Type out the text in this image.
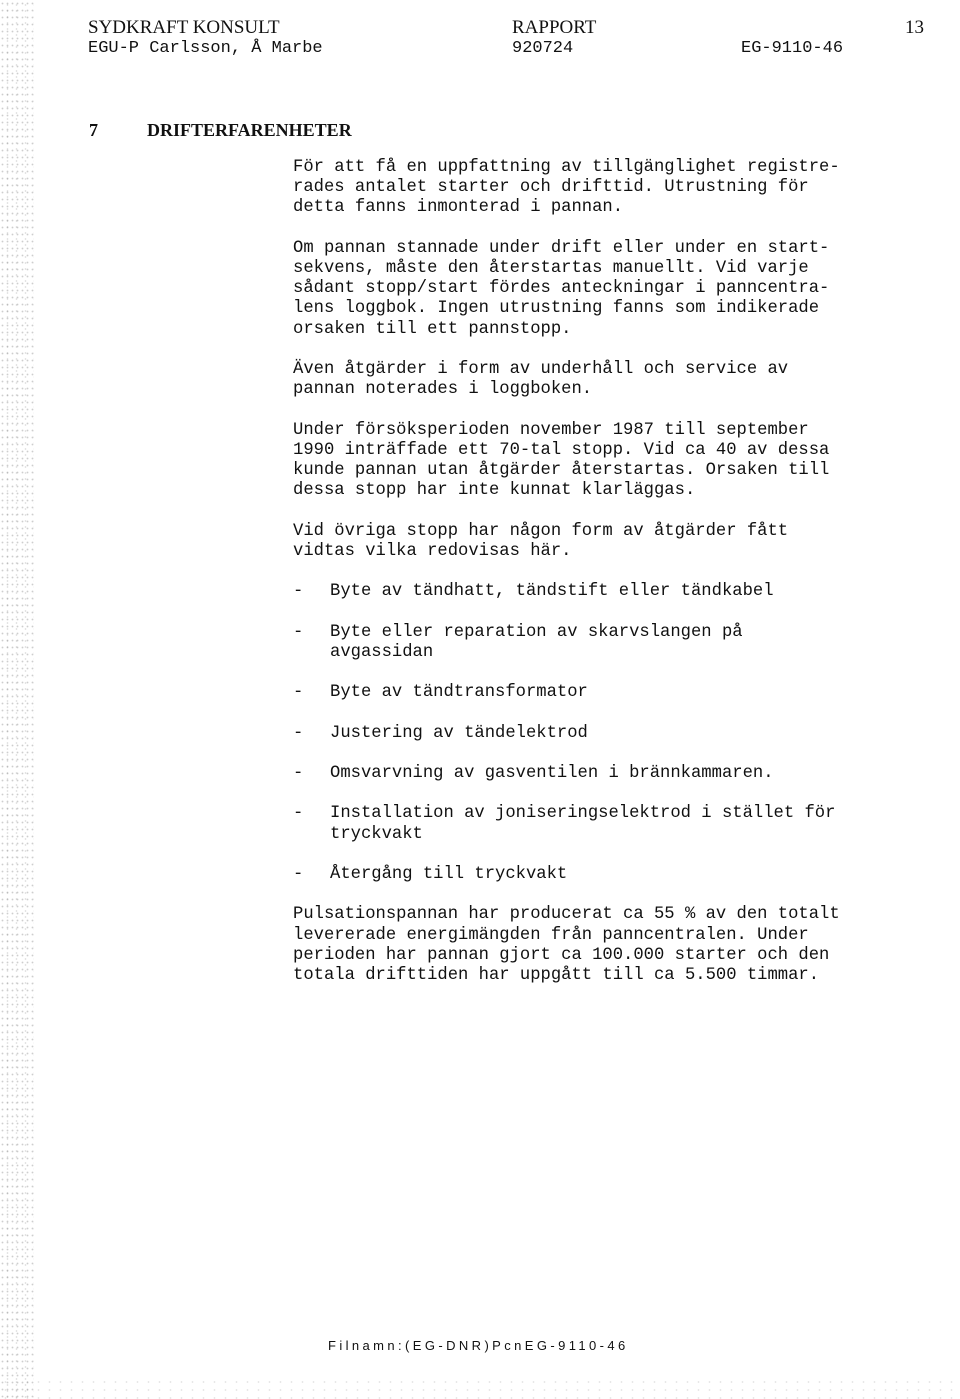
SYDKRAFT KONSULT
EGU-P Carlsson, Å Marbe
RAPPORT
920724
13
EG-9110-46
7	DRIFTERFARENHETER

För att få en uppfattning av tillgänglighet registre-
rades antalet starter och drifttid. Utrustning för
detta fanns inmonterad i pannan.

Om pannan stannade under drift eller under en start-
sekvens, måste den återstartas manuellt. Vid varje
sådant stopp/start fördes anteckningar i panncentra-
lens loggbok. Ingen utrustning fanns som indikerade
orsaken till ett pannstopp.

Även åtgärder i form av underhåll och service av
pannan noterades i loggboken.

Under försöksperioden november 1987 till september
1990 inträffade ett 70-tal stopp. Vid ca 40 av dessa
kunde pannan utan åtgärder återstartas. Orsaken till
dessa stopp har inte kunnat klarläggas.

Vid övriga stopp har någon form av åtgärder fått
vidtas vilka redovisas här.

-	Byte av tändhatt, tändstift eller tändkabel
-	Byte eller reparation av skarvslangen på
avgassidan
-	Byte av tändtransformator
-	Justering av tändelektrod
-	Omsvarvning av gasventilen i brännkammaren.
-	Installation av joniseringselektrod i stället för
tryckvakt
-	Återgång till tryckvakt

Pulsationspannan har producerat ca 55 % av den totalt
levererade energimängden från panncentralen. Under
perioden har pannan gjort ca 100.000 starter och den
totala drifttiden har uppgått till ca 5.500 timmar.

Filnamn:(EG-DNR)PcnEG-9110-46
